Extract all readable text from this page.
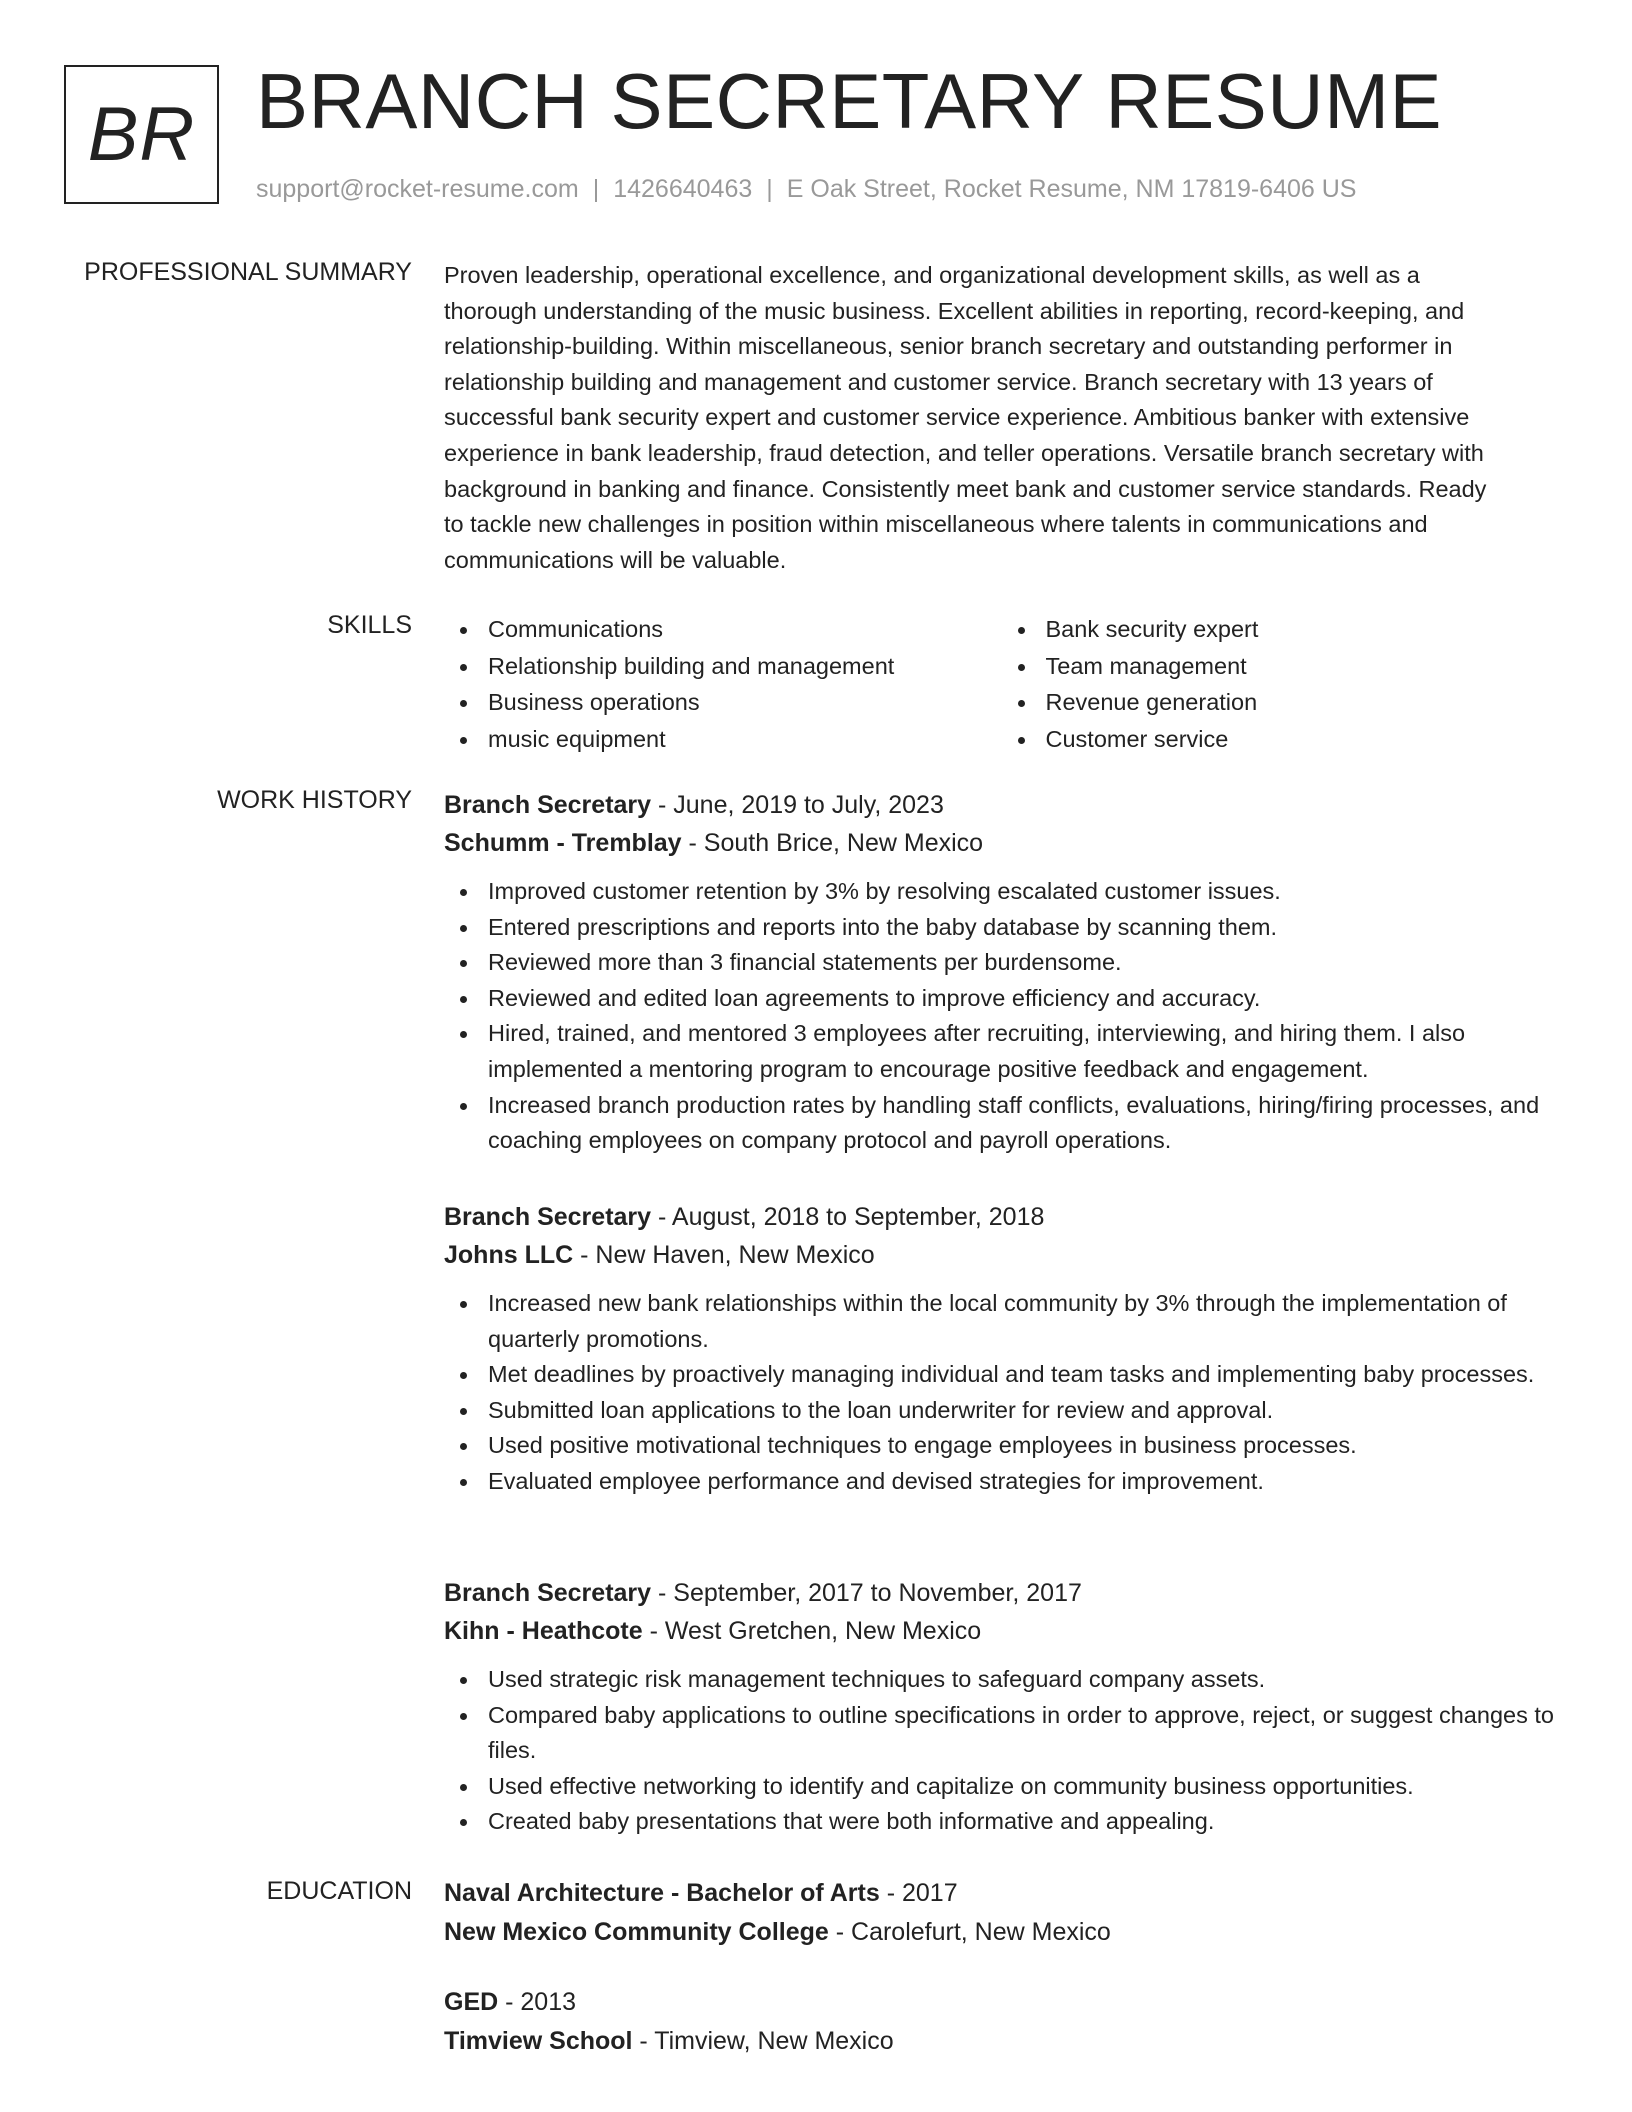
BR BRANCH SECRETARY RESUME
support@rocket-resume.com | 1426640463 | E Oak Street, Rocket Resume, NM 17819-6406 US
PROFESSIONAL SUMMARY Proven leadership, operational excellence, and organizational development skills, as well as a
thorough understanding of the music business. Excellent abilities in reporting, record-keeping, and
relationship-building. Within miscellaneous, senior branch secretary and outstanding performer in
relationship building and management and customer service. Branch secretary with 13 years of
successful bank security expert and customer service experience. Ambitious banker with extensive
experience in bank leadership, fraud detection, and teller operations. Versatile branch secretary with
background in banking and finance. Consistently meet bank and customer service standards. Ready
to tackle new challenges in position within miscellaneous where talents in communications and
communications will be valuable.
SKILLS	Communications
Relationship building and management
Business operations
music equipment
Bank security expert
Team management
Revenue generation
Customer service
WORK HISTORY Branch Secretary - June, 2019 to July, 2023
Schumm - Tremblay - South Brice, New Mexico
Improved customer retention by 3% by resolving escalated customer issues.
Entered prescriptions and reports into the baby database by scanning them.
Reviewed more than 3 financial statements per burdensome.
Reviewed and edited loan agreements to improve efficiency and accuracy.
Hired, trained, and mentored 3 employees after recruiting, interviewing, and hiring them. I also implemented a mentoring program to encourage positive feedback and engagement.
Increased branch production rates by handling staff conflicts, evaluations, hiring/firing processes, and coaching employees on company protocol and payroll operations.
Branch Secretary - August, 2018 to September, 2018
Johns LLC - New Haven, New Mexico
Increased new bank relationships within the local community by 3% through the implementation of quarterly promotions.
Met deadlines by proactively managing individual and team tasks and implementing baby processes.
Submitted loan applications to the loan underwriter for review and approval.
Used positive motivational techniques to engage employees in business processes.
Evaluated employee performance and devised strategies for improvement.
Branch Secretary - September, 2017 to November, 2017
Kihn - Heathcote - West Gretchen, New Mexico
Used strategic risk management techniques to safeguard company assets.
Compared baby applications to outline specifications in order to approve, reject, or suggest changes to files.
Used effective networking to identify and capitalize on community business opportunities.
Created baby presentations that were both informative and appealing.
EDUCATION Naval Architecture - Bachelor of Arts - 2017
New Mexico Community College - Carolefurt, New Mexico
GED - 2013
Timview School - Timview, New Mexico
